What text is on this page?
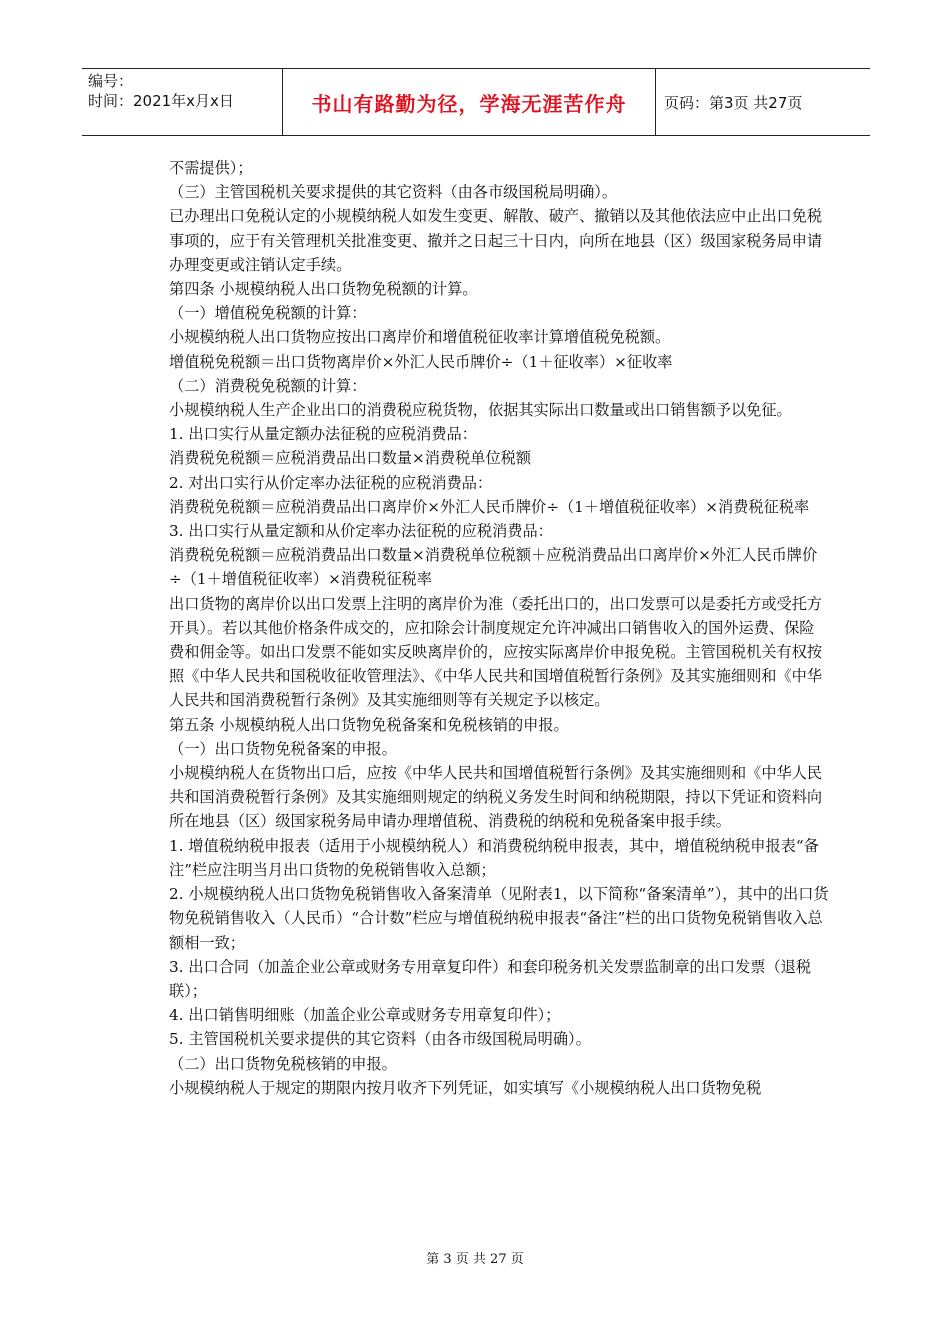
编号：
时间：2021年x月x日	书山有路勤为径，学海无涯苦作舟	页码：第3页 共27页

不需提供）；

（三）主管国税机关要求提供的其它资料（由各市级国税局明确）。

已办理出口免税认定的小规模纳税人如发生变更、解散、破产、撤销以及其他依法应中止出口免税事项的，应于有关管理机关批准变更、撤并之日起三十日内，向所在地县（区）级国家税务局申请办理变更或注销认定手续。

第四条 小规模纳税人出口货物免税额的计算。

（一）增值税免税额的计算：

小规模纳税人出口货物应按出口离岸价和增值税征收率计算增值税免税额。

增值税免税额＝出口货物离岸价×外汇人民币牌价÷（1＋征收率）×征收率

（二）消费税免税额的计算：

小规模纳税人生产企业出口的消费税应税货物，依据其实际出口数量或出口销售额予以免征。

1. 出口实行从量定额办法征税的应税消费品：

消费税免税额＝应税消费品出口数量×消费税单位税额

2. 对出口实行从价定率办法征税的应税消费品：

消费税免税额＝应税消费品出口离岸价×外汇人民币牌价÷（1＋增值税征收率）×消费税征税率

3. 出口实行从量定额和从价定率办法征税的应税消费品：

消费税免税额＝应税消费品出口数量×消费税单位税额＋应税消费品出口离岸价×外汇人民币牌价÷（1＋增值税征收率）×消费税征税率

出口货物的离岸价以出口发票上注明的离岸价为准（委托出口的，出口发票可以是委托方或受托方开具）。若以其他价格条件成交的，应扣除会计制度规定允许冲减出口销售收入的国外运费、保险费和佣金等。如出口发票不能如实反映离岸价的，应按实际离岸价申报免税。主管国税机关有权按照《中华人民共和国税收征收管理法》、《中华人民共和国增值税暂行条例》及其实施细则和《中华人民共和国消费税暂行条例》及其实施细则等有关规定予以核定。

第五条 小规模纳税人出口货物免税备案和免税核销的申报。

（一）出口货物免税备案的申报。

小规模纳税人在货物出口后，应按《中华人民共和国增值税暂行条例》及其实施细则和《中华人民共和国消费税暂行条例》及其实施细则规定的纳税义务发生时间和纳税期限，持以下凭证和资料向所在地县（区）级国家税务局申请办理增值税、消费税的纳税和免税备案申报手续。

1. 增值税纳税申报表（适用于小规模纳税人）和消费税纳税申报表，其中，增值税纳税申报表“备注”栏应注明当月出口货物的免税销售收入总额；

2. 小规模纳税人出口货物免税销售收入备案清单（见附表1，以下简称“备案清单”），其中的出口货物免税销售收入（人民币）“合计数”栏应与增值税纳税申报表“备注”栏的出口货物免税销售收入总额相一致；

3. 出口合同（加盖企业公章或财务专用章复印件）和套印税务机关发票监制章的出口发票（退税联）；

4. 出口销售明细账（加盖企业公章或财务专用章复印件）；

5. 主管国税机关要求提供的其它资料（由各市级国税局明确）。

（二）出口货物免税核销的申报。

小规模纳税人于规定的期限内按月收齐下列凭证，如实填写《小规模纳税人出口货物免税

第 3 页 共 27 页
